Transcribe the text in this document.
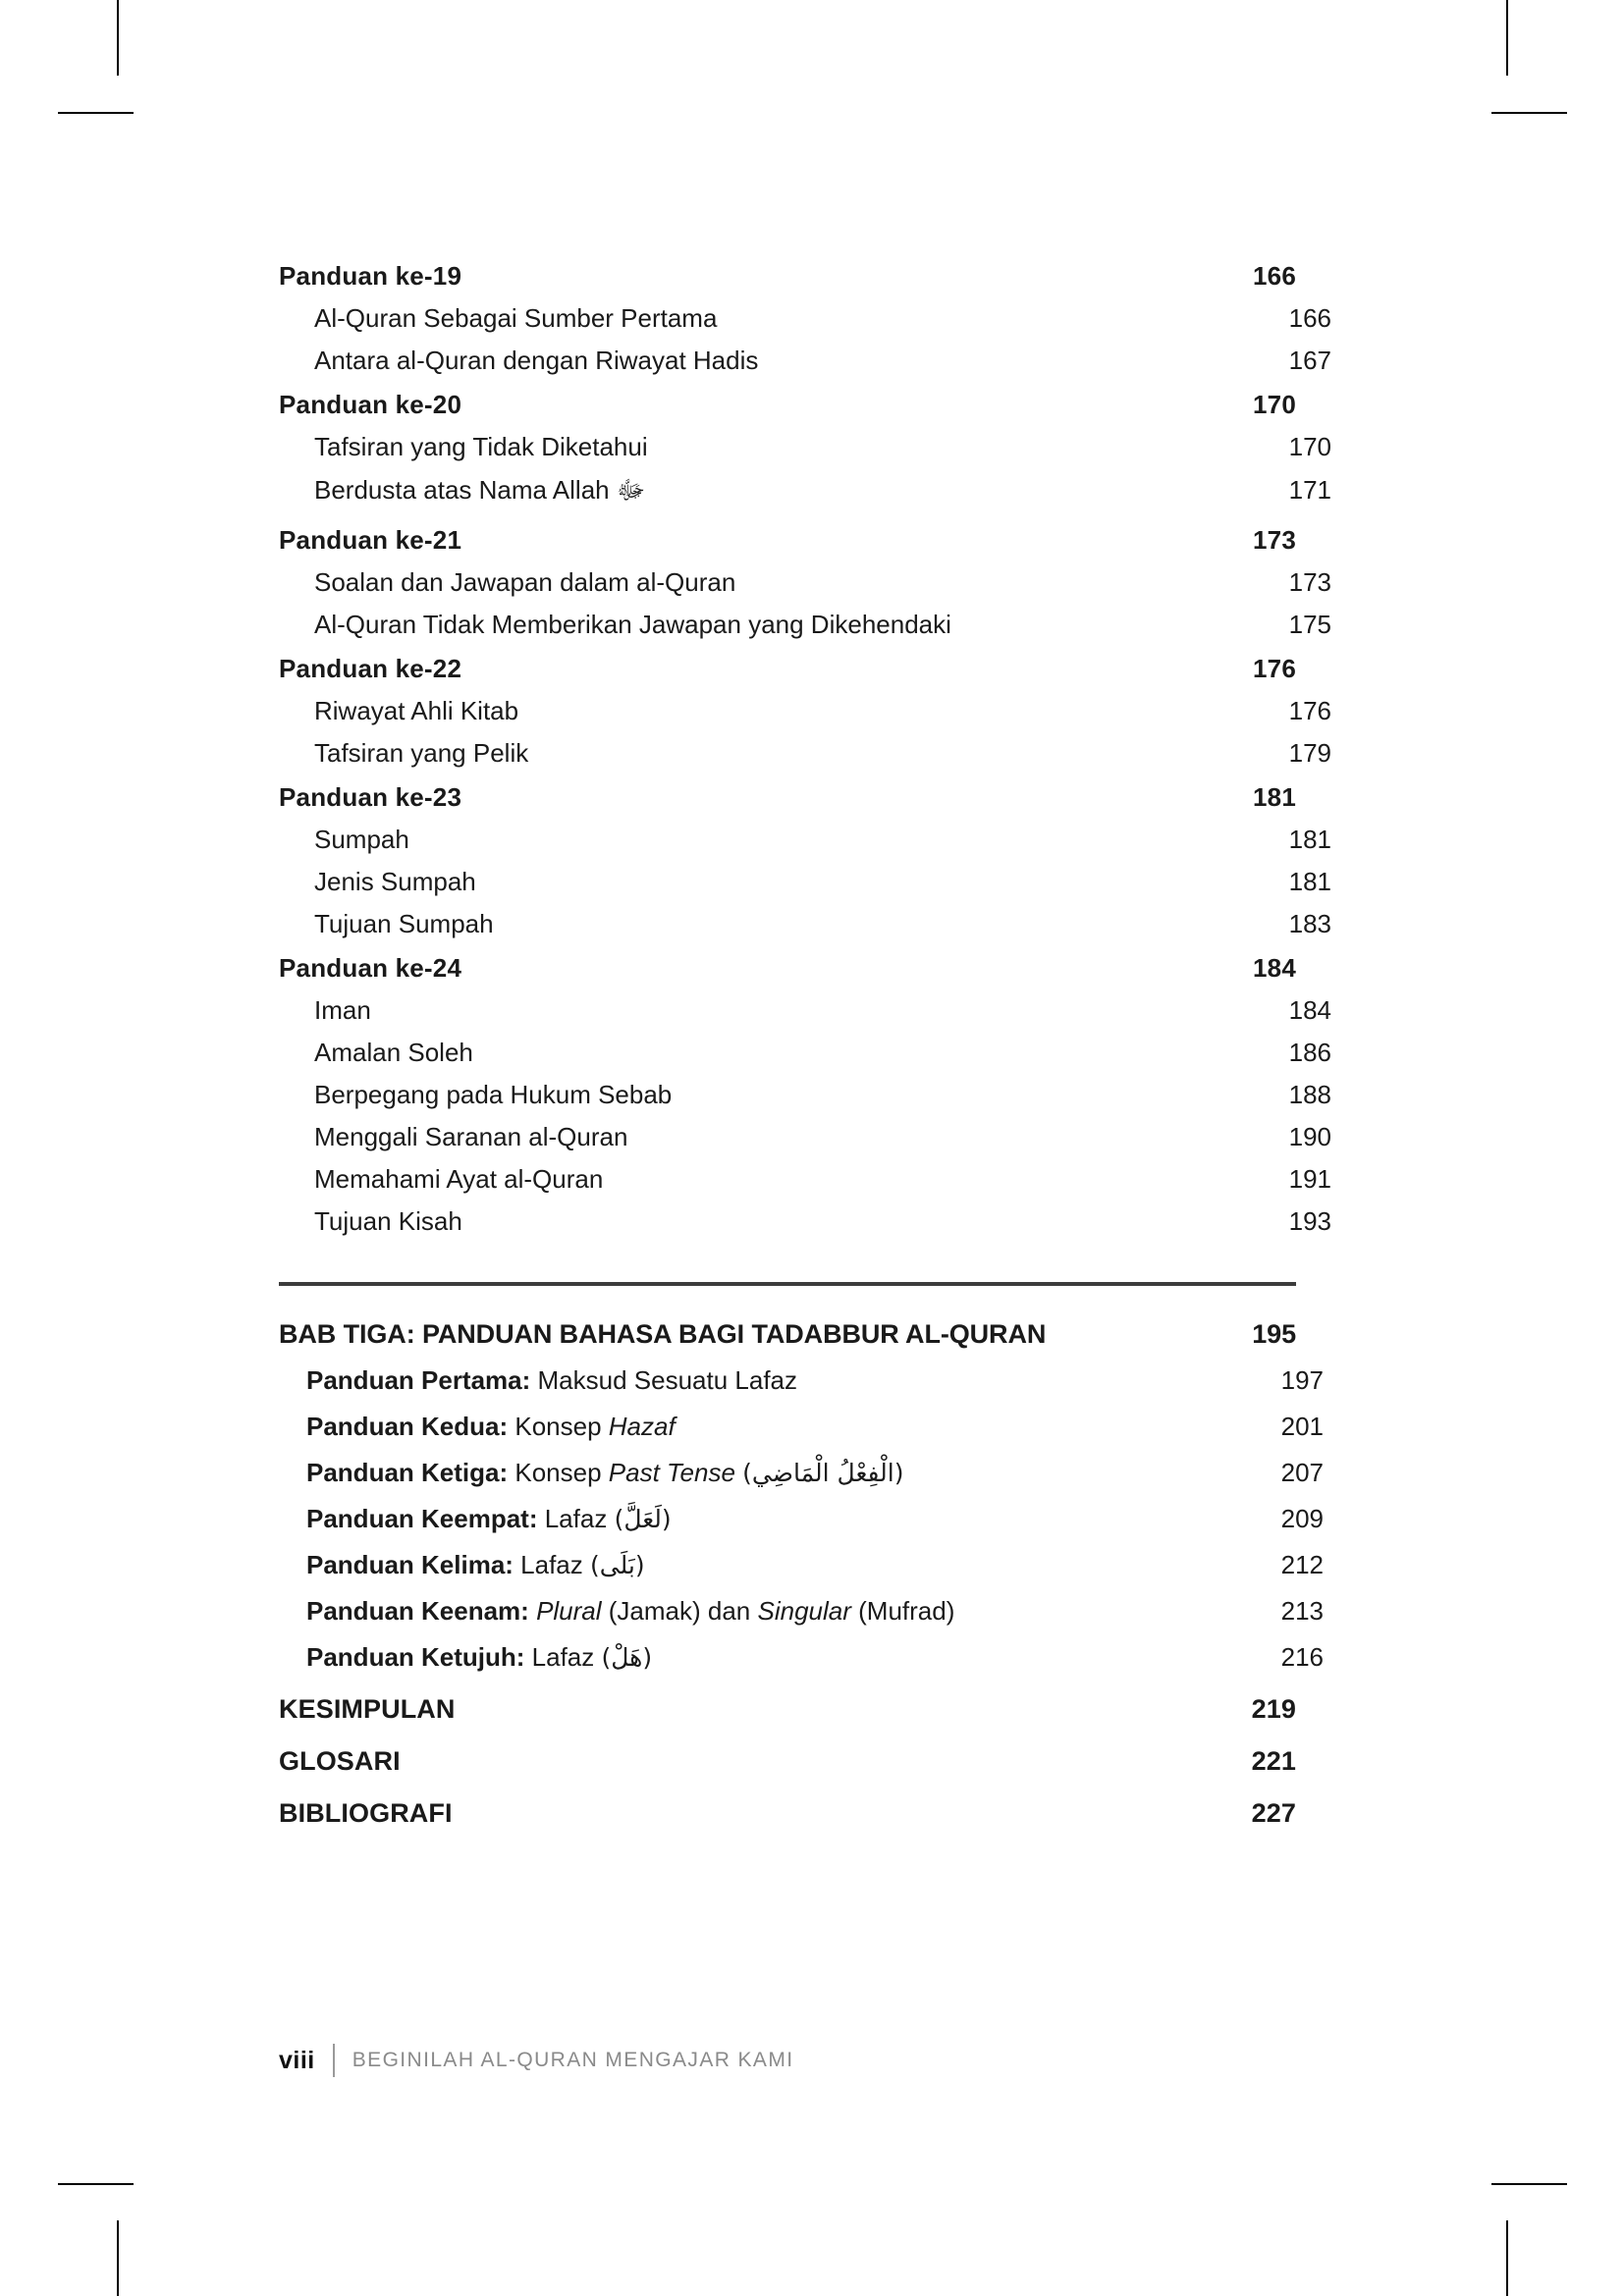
Panduan ke-19	166
Al-Quran Sebagai Sumber Pertama	166
Antara al-Quran dengan Riwayat Hadis	167
Panduan ke-20	170
Tafsiran yang Tidak Diketahui	170
Berdusta atas Nama Allah ﷻ	171
Panduan ke-21	173
Soalan dan Jawapan dalam al-Quran	173
Al-Quran Tidak Memberikan Jawapan yang Dikehendaki	175
Panduan ke-22	176
Riwayat Ahli Kitab	176
Tafsiran yang Pelik	179
Panduan ke-23	181
Sumpah	181
Jenis Sumpah	181
Tujuan Sumpah	183
Panduan ke-24	184
Iman	184
Amalan Soleh	186
Berpegang pada Hukum Sebab	188
Menggali Saranan al-Quran	190
Memahami Ayat al-Quran	191
Tujuan Kisah	193
BAB TIGA: PANDUAN BAHASA BAGI TADABBUR AL-QURAN	195
Panduan Pertama: Maksud Sesuatu Lafaz	197
Panduan Kedua: Konsep Hazaf	201
Panduan Ketiga: Konsep Past Tense (الْفِعْلُ الْمَاضِي)	207
Panduan Keempat: Lafaz (لَعَلَّ)	209
Panduan Kelima: Lafaz (بَلَى)	212
Panduan Keenam: Plural (Jamak) dan Singular (Mufrad)	213
Panduan Ketujuh: Lafaz (هَلْ)	216
KESIMPULAN	219
GLOSARI	221
BIBLIOGRAFI	227
viii BEGINILAH AL-QURAN MENGAJAR KAMI
